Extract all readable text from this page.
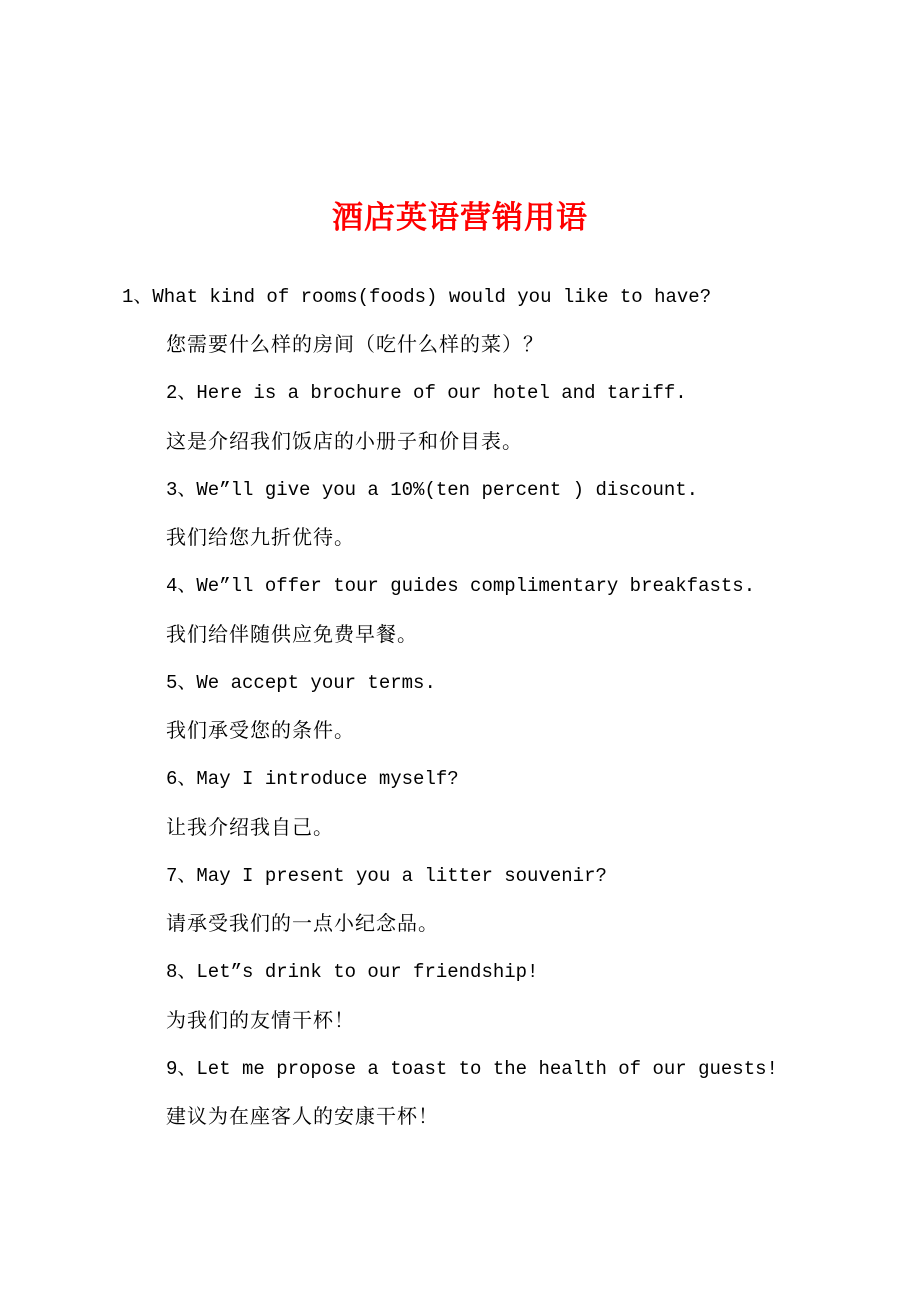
酒店英语营销用语
1、What kind of rooms(foods) would you like to have?
您需要什么样的房间（吃什么样的菜）？
2、Here is a brochure of our hotel and tariff.
这是介绍我们饭店的小册子和价目表。
3、We”ll give you a 10%(ten percent ) discount.
我们给您九折优待。
4、We”ll offer tour guides complimentary breakfasts.
我们给伴随供应免费早餐。
5、We accept your terms.
我们承受您的条件。
6、May I introduce myself?
让我介绍我自己。
7、May I present you a litter souvenir?
请承受我们的一点小纪念品。
8、Let”s drink to our friendship!
为我们的友情干杯！
9、Let me propose a toast to the health of our guests!
建议为在座客人的安康干杯！
